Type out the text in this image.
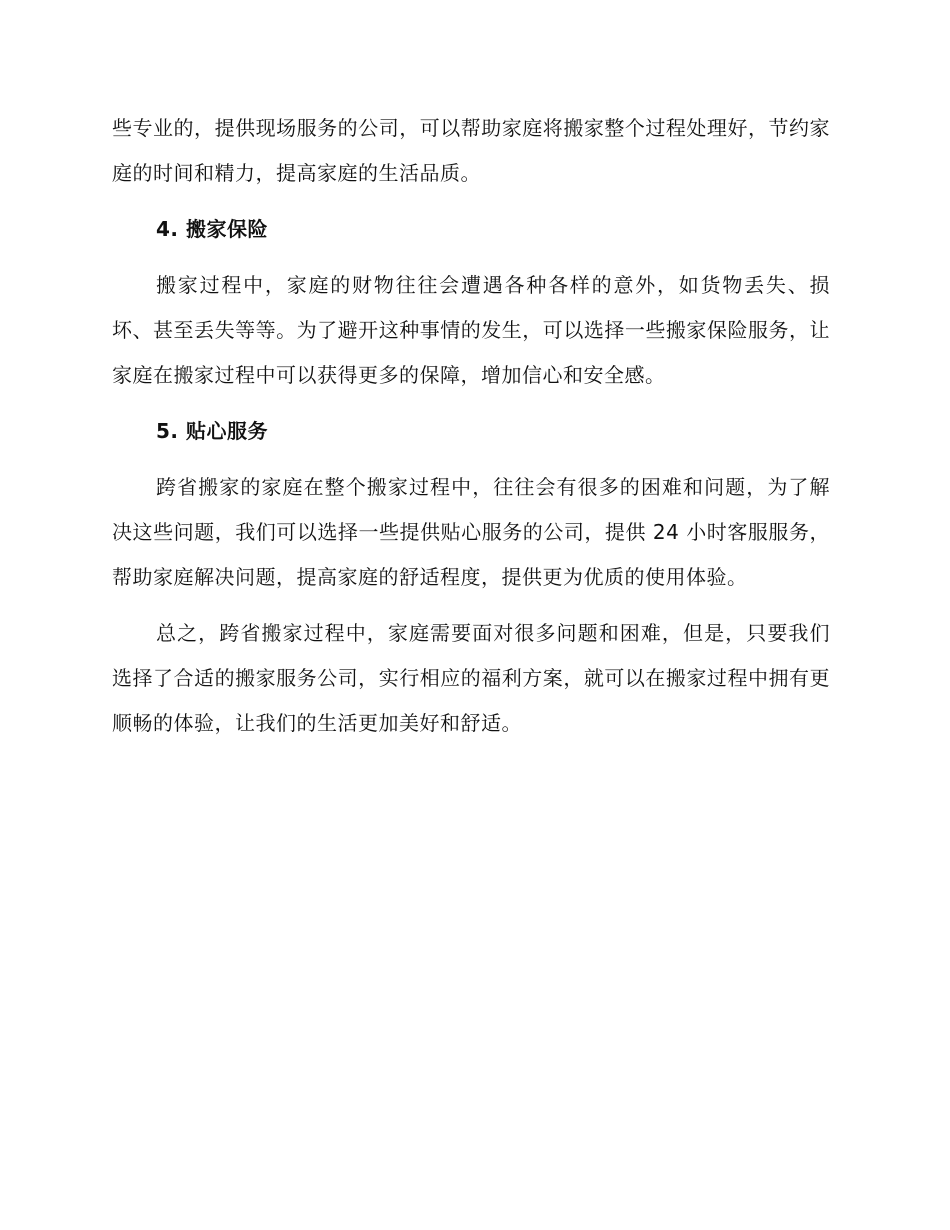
些专业的，提供现场服务的公司，可以帮助家庭将搬家整个过程处理好，节约家庭的时间和精力，提高家庭的生活品质。

4. 搬家保险

搬家过程中，家庭的财物往往会遭遇各种各样的意外，如货物丢失、损坏、甚至丢失等等。为了避开这种事情的发生，可以选择一些搬家保险服务，让家庭在搬家过程中可以获得更多的保障，增加信心和安全感。

5. 贴心服务

跨省搬家的家庭在整个搬家过程中，往往会有很多的困难和问题，为了解决这些问题，我们可以选择一些提供贴心服务的公司，提供 24 小时客服服务，帮助家庭解决问题，提高家庭的舒适程度，提供更为优质的使用体验。

总之，跨省搬家过程中，家庭需要面对很多问题和困难，但是，只要我们选择了合适的搬家服务公司，实行相应的福利方案，就可以在搬家过程中拥有更顺畅的体验，让我们的生活更加美好和舒适。
